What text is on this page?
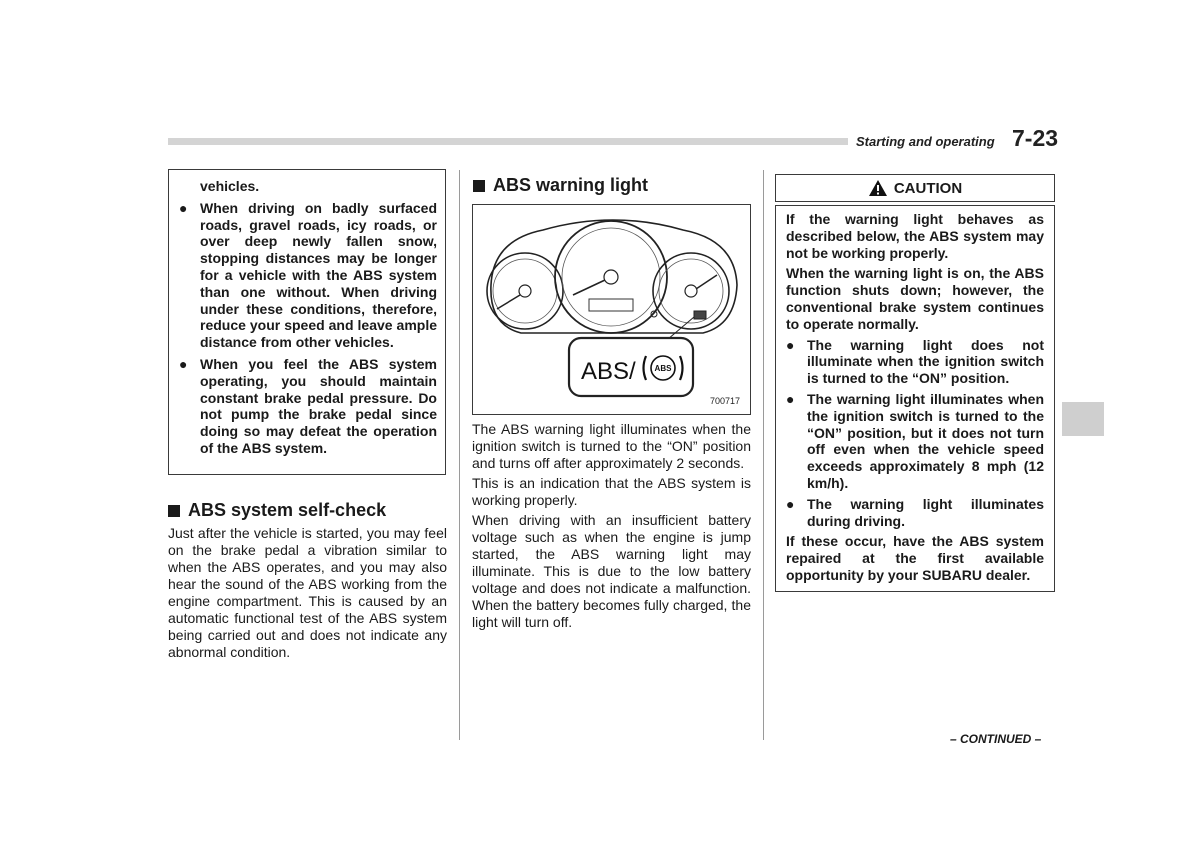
Starting and operating 7-23
vehicles.
● When driving on badly surfaced roads, gravel roads, icy roads, or over deep newly fallen snow, stopping distances may be longer for a vehicle with the ABS system than one without. When driving under these conditions, therefore, reduce your speed and leave ample distance from other vehicles.
● When you feel the ABS system operating, you should maintain constant brake pedal pressure. Do not pump the brake pedal since doing so may defeat the operation of the ABS system.
ABS system self-check
Just after the vehicle is started, you may feel on the brake pedal a vibration similar to when the ABS operates, and you may also hear the sound of the ABS working from the engine compartment. This is caused by an automatic functional test of the ABS system being carried out and does not indicate any abnormal condition.
ABS warning light
ABS/ ABS
700717

The ABS warning light illuminates when the ignition switch is turned to the “ON” position and turns off after approximately 2 seconds.

This is an indication that the ABS system is working properly.

When driving with an insufficient battery voltage such as when the engine is jump started, the ABS warning light may illuminate. This is due to the low battery voltage and does not indicate a malfunction. When the battery becomes fully charged, the light will turn off.

CAUTION

If the warning light behaves as described below, the ABS system may not be working properly.

When the warning light is on, the ABS function shuts down; however, the conventional brake system continues to operate normally.

● The warning light does not illuminate when the ignition switch is turned to the “ON” position.
● The warning light illuminates when the ignition switch is turned to the “ON” position, but it does not turn off even when the vehicle speed exceeds approximately 8 mph (12 km/h).
● The warning light illuminates during driving.

If these occur, have the ABS system repaired at the first available opportunity by your SUBARU dealer.

– CONTINUED –
